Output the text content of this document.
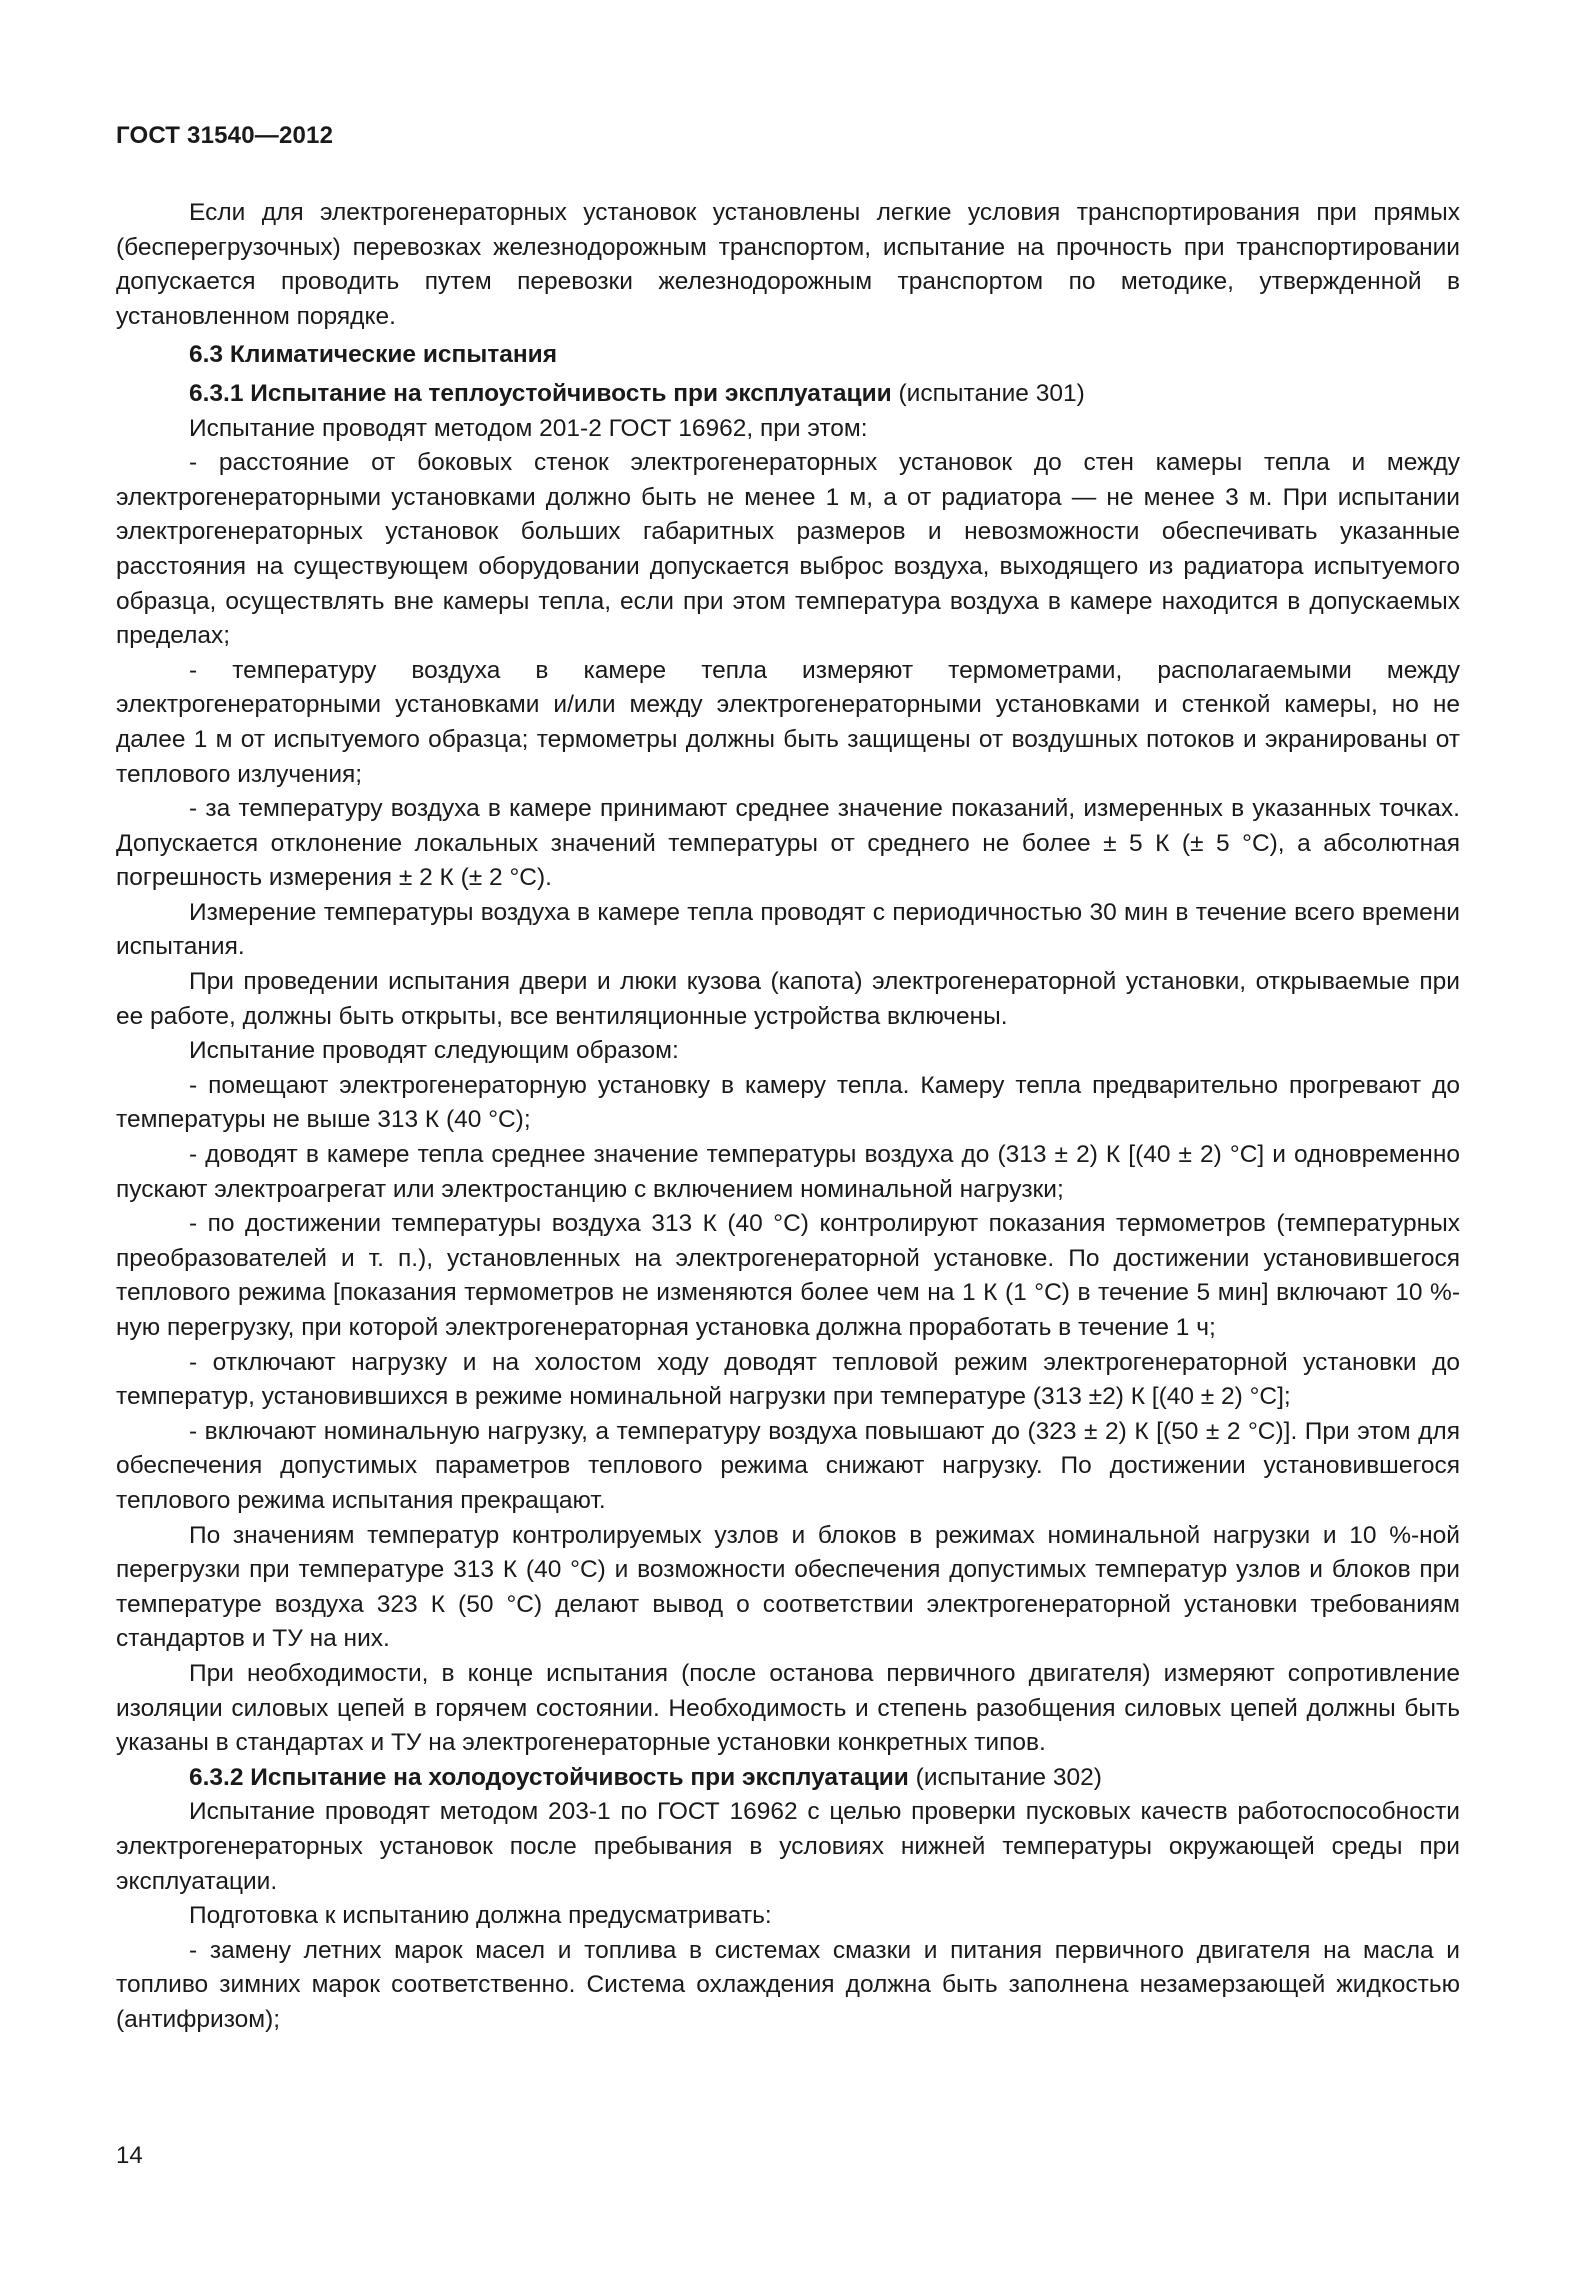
ГОСТ 31540—2012

Если для электрогенераторных установок установлены легкие условия транспортирования при прямых (бесперегрузочных) перевозках железнодорожным транспортом, испытание на прочность при транспортировании допускается проводить путем перевозки железнодорожным транспортом по методике, утвержденной в установленном порядке.

6.3 Климатические испытания

6.3.1 Испытание на теплоустойчивость при эксплуатации (испытание 301)

Испытание проводят методом 201-2 ГОСТ 16962, при этом:

- расстояние от боковых стенок электрогенераторных установок до стен камеры тепла и между электрогенераторными установками должно быть не менее 1 м, а от радиатора — не менее 3 м. При испытании электрогенераторных установок больших габаритных размеров и невозможности обеспечивать указанные расстояния на существующем оборудовании допускается выброс воздуха, выходящего из радиатора испытуемого образца, осуществлять вне камеры тепла, если при этом температура воздуха в камере находится в допускаемых пределах;

- температуру воздуха в камере тепла измеряют термометрами, располагаемыми между электрогенераторными установками и/или между электрогенераторными установками и стенкой камеры, но не далее 1 м от испытуемого образца; термометры должны быть защищены от воздушных потоков и экранированы от теплового излучения;

- за температуру воздуха в камере принимают среднее значение показаний, измеренных в указанных точках. Допускается отклонение локальных значений температуры от среднего не более ± 5 К (± 5 °С), а абсолютная погрешность измерения ± 2 К (± 2 °С).

Измерение температуры воздуха в камере тепла проводят с периодичностью 30 мин в течение всего времени испытания.

При проведении испытания двери и люки кузова (капота) электрогенераторной установки, открываемые при ее работе, должны быть открыты, все вентиляционные устройства включены.

Испытание проводят следующим образом:

- помещают электрогенераторную установку в камеру тепла. Камеру тепла предварительно прогревают до температуры не выше 313 К (40 °С);

- доводят в камере тепла среднее значение температуры воздуха до (313 ± 2) К [(40 ± 2) °С] и одновременно пускают электроагрегат или электростанцию с включением номинальной нагрузки;

- по достижении температуры воздуха 313 К (40 °С) контролируют показания термометров (температурных преобразователей и т. п.), установленных на электрогенераторной установке. По достижении установившегося теплового режима [показания термометров не изменяются более чем на 1 К (1 °С) в течение 5 мин] включают 10 %-ную перегрузку, при которой электрогенераторная установка должна проработать в течение 1 ч;

- отключают нагрузку и на холостом ходу доводят тепловой режим электрогенераторной установки до температур, установившихся в режиме номинальной нагрузки при температуре (313 ±2) К [(40 ± 2) °С];

- включают номинальную нагрузку, а температуру воздуха повышают до (323 ± 2) К [(50 ± 2 °С)]. При этом для обеспечения допустимых параметров теплового режима снижают нагрузку. По достижении установившегося теплового режима испытания прекращают.

По значениям температур контролируемых узлов и блоков в режимах номинальной нагрузки и 10 %-ной перегрузки при температуре 313 К (40 °С) и возможности обеспечения допустимых температур узлов и блоков при температуре воздуха 323 К (50 °С) делают вывод о соответствии электрогенераторной установки требованиям стандартов и ТУ на них.

При необходимости, в конце испытания (после останова первичного двигателя) измеряют сопротивление изоляции силовых цепей в горячем состоянии. Необходимость и степень разобщения силовых цепей должны быть указаны в стандартах и ТУ на электрогенераторные установки конкретных типов.

6.3.2 Испытание на холодоустойчивость при эксплуатации (испытание 302)

Испытание проводят методом 203-1 по ГОСТ 16962 с целью проверки пусковых качеств работоспособности электрогенераторных установок после пребывания в условиях нижней температуры окружающей среды при эксплуатации.

Подготовка к испытанию должна предусматривать:

- замену летних марок масел и топлива в системах смазки и питания первичного двигателя на масла и топливо зимних марок соответственно. Система охлаждения должна быть заполнена незамерзающей жидкостью (антифризом);

14
